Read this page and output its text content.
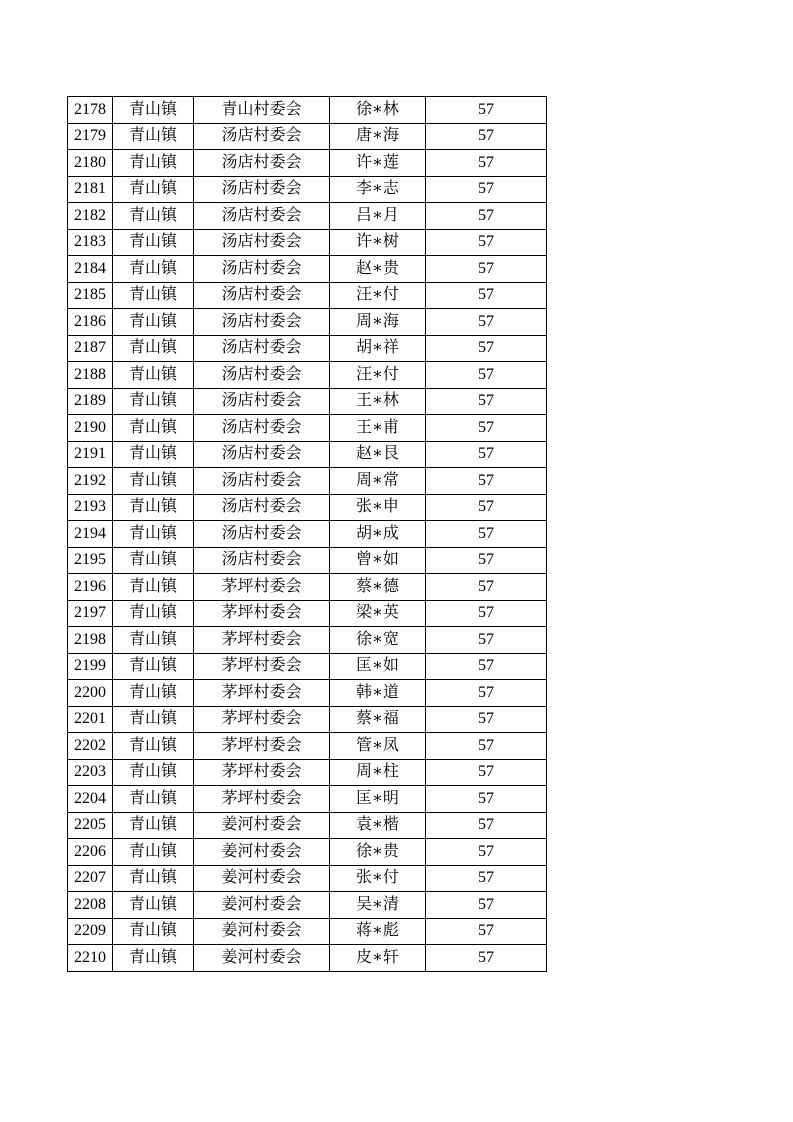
2178	青山镇	青山村委会	徐∗林	57
2179	青山镇	汤店村委会	唐∗海	57
2180	青山镇	汤店村委会	许∗莲	57
2181	青山镇	汤店村委会	李∗志	57
2182	青山镇	汤店村委会	吕∗月	57
2183	青山镇	汤店村委会	许∗树	57
2184	青山镇	汤店村委会	赵∗贵	57
2185	青山镇	汤店村委会	汪∗付	57
2186	青山镇	汤店村委会	周∗海	57
2187	青山镇	汤店村委会	胡∗祥	57
2188	青山镇	汤店村委会	汪∗付	57
2189	青山镇	汤店村委会	王∗林	57
2190	青山镇	汤店村委会	王∗甫	57
2191	青山镇	汤店村委会	赵∗艮	57
2192	青山镇	汤店村委会	周∗常	57
2193	青山镇	汤店村委会	张∗申	57
2194	青山镇	汤店村委会	胡∗成	57
2195	青山镇	汤店村委会	曾∗如	57
2196	青山镇	茅坪村委会	蔡∗德	57
2197	青山镇	茅坪村委会	梁∗英	57
2198	青山镇	茅坪村委会	徐∗宽	57
2199	青山镇	茅坪村委会	匡∗如	57
2200	青山镇	茅坪村委会	韩∗道	57
2201	青山镇	茅坪村委会	蔡∗福	57
2202	青山镇	茅坪村委会	管∗凤	57
2203	青山镇	茅坪村委会	周∗柱	57
2204	青山镇	茅坪村委会	匡∗明	57
2205	青山镇	姜河村委会	袁∗楷	57
2206	青山镇	姜河村委会	徐∗贵	57
2207	青山镇	姜河村委会	张∗付	57
2208	青山镇	姜河村委会	吴∗清	57
2209	青山镇	姜河村委会	蒋∗彪	57
2210	青山镇	姜河村委会	皮∗轩	57
